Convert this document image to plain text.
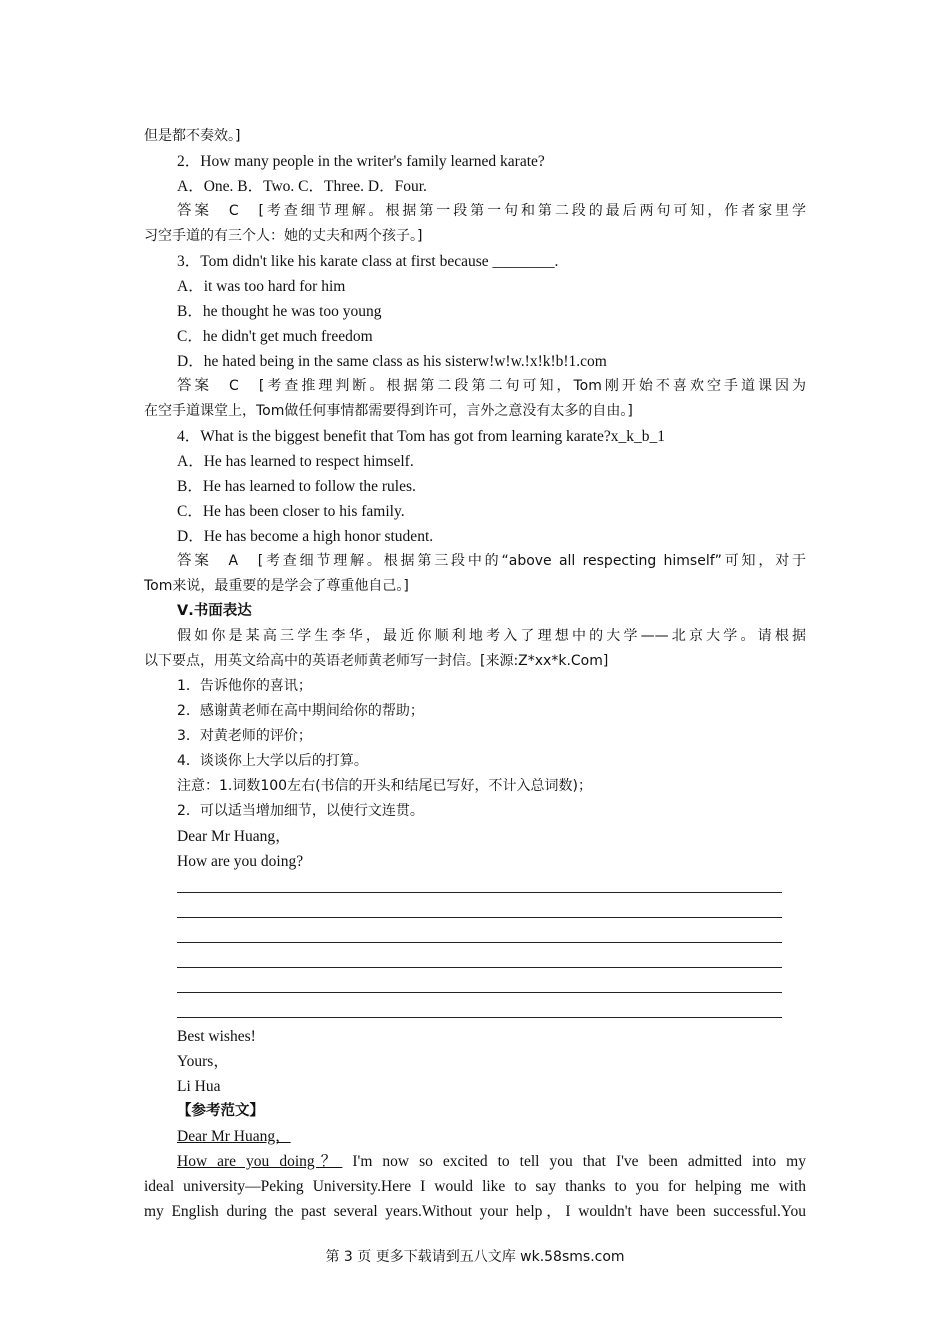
但是都不奏效。]
2．How many people in the writer's family learned karate?
A．One. B．Two. C．Three. D．Four.
答案　 C　[考查细节理解。根据第一段第一句和第二段的最后两句可知，作者家里学
习空手道的有三个人：她的丈夫和两个孩子。]
3．Tom didn't like his karate class at first because ________.
A．it was too hard for him
B．he thought he was too young
C．he didn't get much freedom
D．he hated being in the same class as his sisterw!w!w.!x!k!b!1.com
答案　 C　[考查推理判断。根据第二段第二句可知，Tom刚开始不喜欢空手道课因为
在空手道课堂上，Tom做任何事情都需要得到许可，言外之意没有太多的自由。]
4．What is the biggest benefit that Tom has got from learning karate?x_k_b_1
A．He has learned to respect himself.
B．He has learned to follow the rules.
C．He has been closer to his family.
D．He has become a high honor student.
答案　 A　[考查细节理解。根据第三段中的“above all respecting himself”可知，对于
Tom来说，最重要的是学会了尊重他自己。]
Ⅴ.书面表达
假如你是某高三学生李华，最近你顺利地考入了理想中的大学——北京大学。请根据
以下要点，用英文给高中的英语老师黄老师写一封信。[来源:Z*xx*k.Com]
1．告诉他你的喜讯；
2．感谢黄老师在高中期间给你的帮助；
3．对黄老师的评价；
4．谈谈你上大学以后的打算。
注意：1.词数100左右(书信的开头和结尾已写好，不计入总词数)；
2．可以适当增加细节，以使行文连贯。
Dear Mr Huang，
How are you doing?
Best wishes!
Yours，
Li Hua
【参考范文】
Dear Mr Huang，
How are you doing？ I'm now so excited to tell you that I've been admitted into my
ideal university—Peking University.Here I would like to say thanks to you for helping me with
my English during the past several years.Without your help，I wouldn't have been successful.You
第 3 页 更多下载请到五八文库 wk.58sms.com
